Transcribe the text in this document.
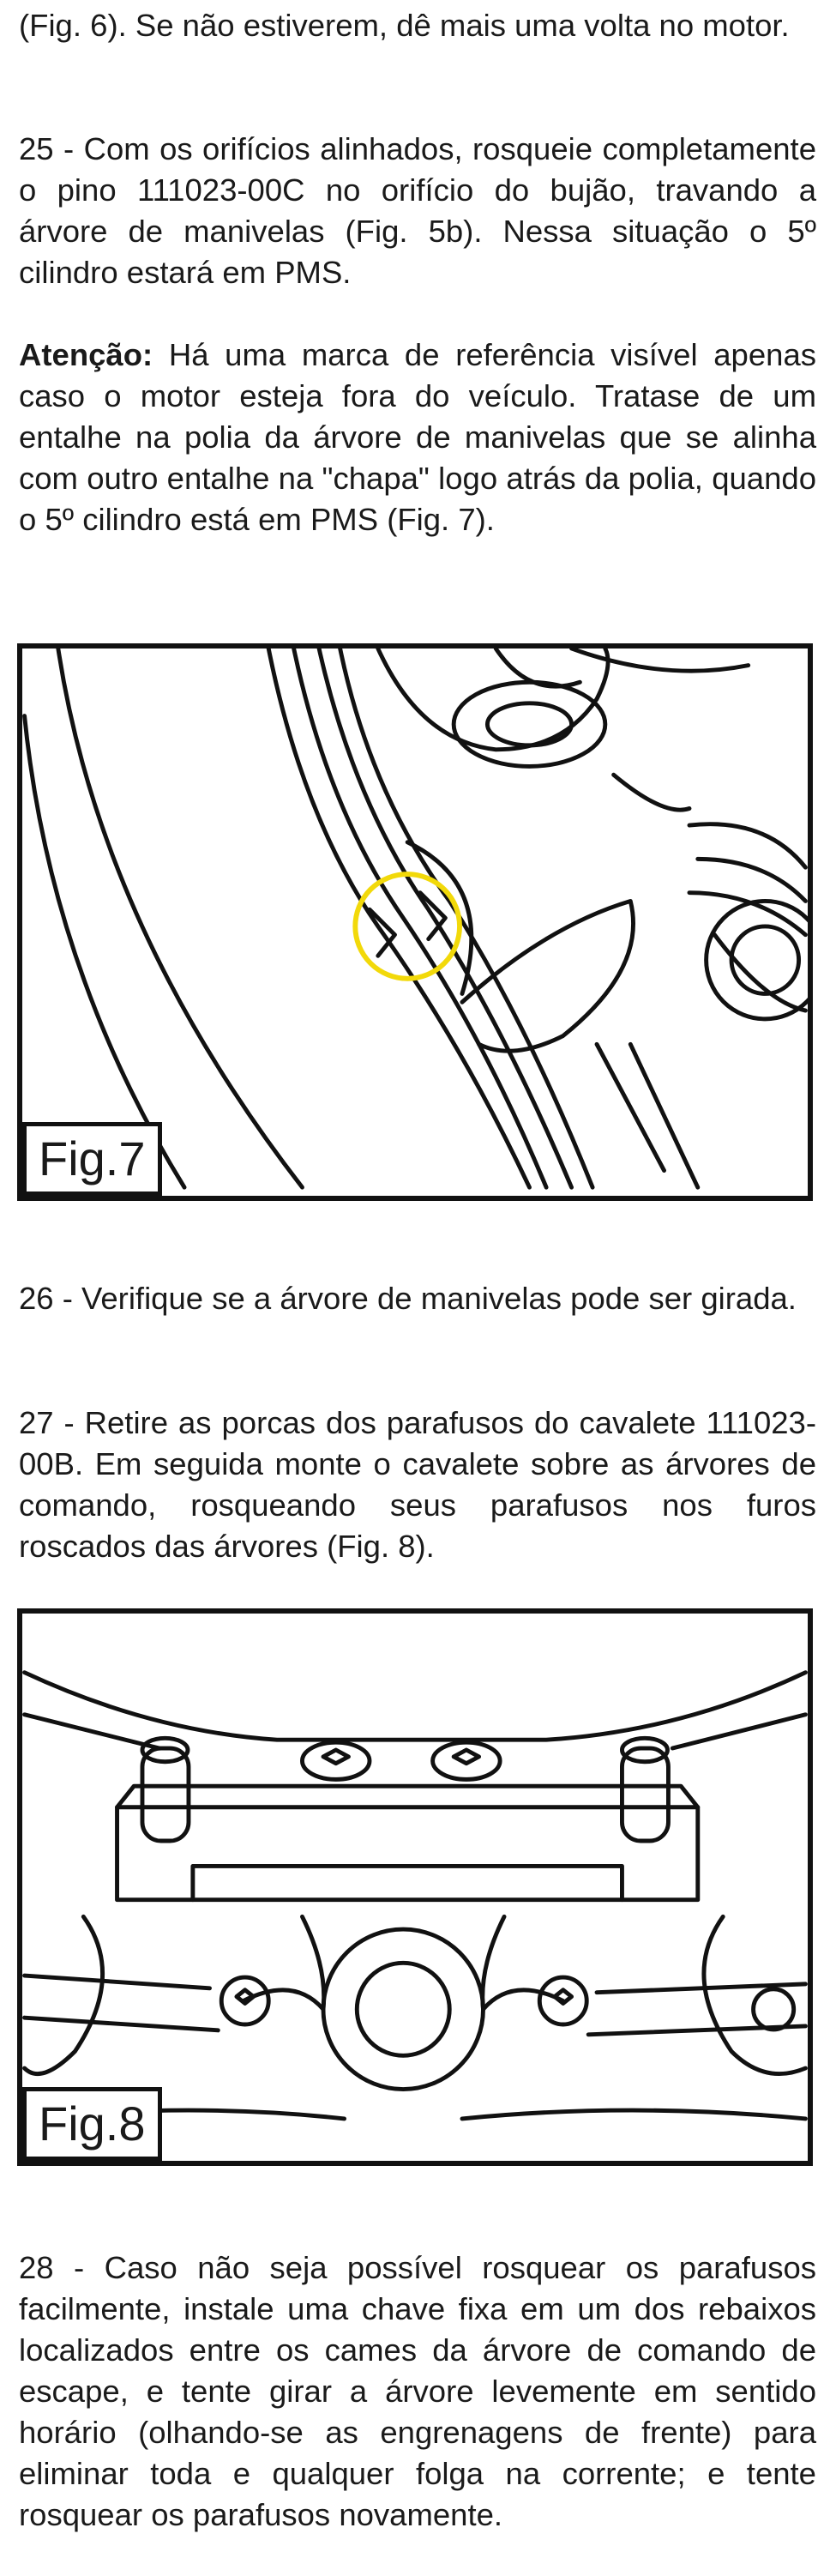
(Fig. 6). Se não estiverem, dê mais uma volta no motor.

25 - Com os orifícios alinhados, rosqueie completamente o pino 111023-00C no orifício do bujão, travando a árvore de manivelas (Fig. 5b). Nessa situação o 5º cilindro estará em PMS.

Atenção: Há uma marca de referência visível apenas caso o motor esteja fora do veículo. Tratase de um entalhe na polia da árvore de manivelas que se alinha com outro entalhe na "chapa" logo atrás da polia, quando o 5º cilindro está em PMS (Fig. 7).

Fig.7

26 - Verifique se a árvore de manivelas pode ser girada.

27 - Retire as porcas dos parafusos do cavalete 111023-00B. Em seguida monte o cavalete sobre as árvores de comando, rosqueando seus parafusos nos furos roscados das árvores (Fig. 8).

Fig.8

28 - Caso não seja possível rosquear os parafusos facilmente, instale uma chave fixa em um dos rebaixos localizados entre os cames da árvore de comando de escape, e tente girar a árvore levemente em sentido horário (olhando-se as engrenagens de frente) para eliminar toda e qualquer folga na corrente; e tente rosquear os parafusos novamente.
